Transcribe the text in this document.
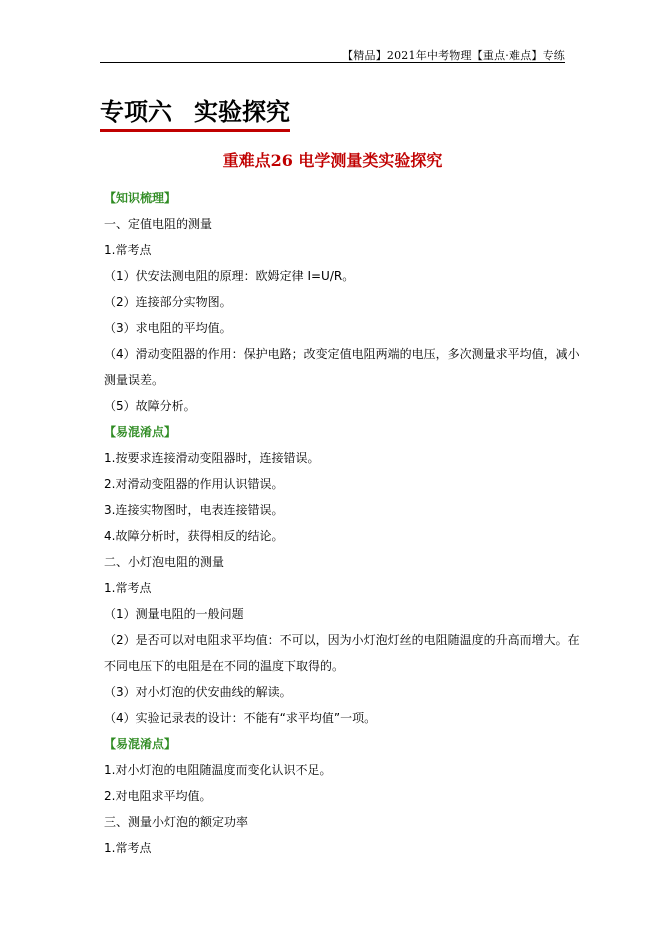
【精品】2021年中考物理【重点·难点】专练
专项六 实验探究
重难点26 电学测量类实验探究
【知识梳理】
一、定值电阻的测量
1.常考点
（1）伏安法测电阻的原理：欧姆定律 I=U/R。
（2）连接部分实物图。
（3）求电阻的平均值。
（4）滑动变阻器的作用：保护电路；改变定值电阻两端的电压，多次测量求平均值，减小
测量误差。
（5）故障分析。
【易混淆点】
1.按要求连接滑动变阻器时，连接错误。
2.对滑动变阻器的作用认识错误。
3.连接实物图时，电表连接错误。
4.故障分析时，获得相反的结论。
二、小灯泡电阻的测量
1.常考点
（1）测量电阻的一般问题
（2）是否可以对电阻求平均值：不可以，因为小灯泡灯丝的电阻随温度的升高而增大。在
不同电压下的电阻是在不同的温度下取得的。
（3）对小灯泡的伏安曲线的解读。
（4）实验记录表的设计：不能有“求平均值”一项。
【易混淆点】
1.对小灯泡的电阻随温度而变化认识不足。
2.对电阻求平均值。
三、测量小灯泡的额定功率
1.常考点
